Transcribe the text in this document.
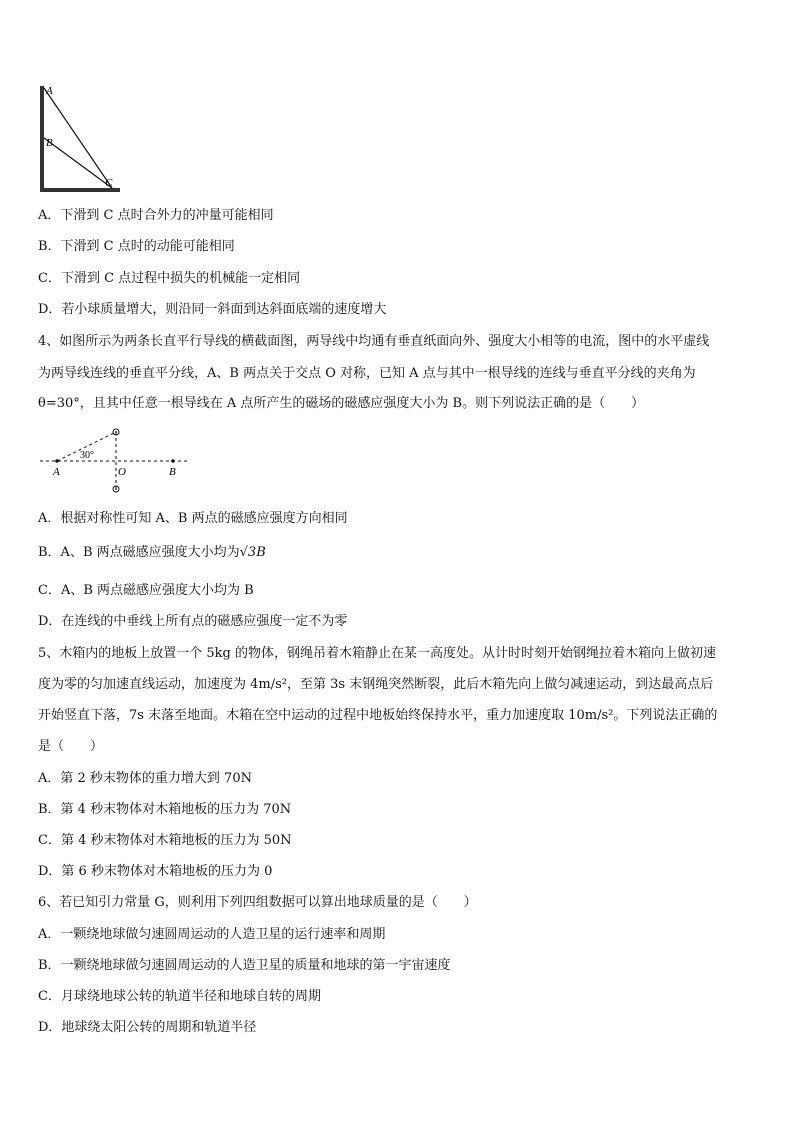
A
B
C
A．下滑到 C 点时合外力的冲量可能相同
B．下滑到 C 点时的动能可能相同
C．下滑到 C 点过程中损失的机械能一定相同
D．若小球质量增大，则沿同一斜面到达斜面底端的速度增大
4、如图所示为两条长直平行导线的横截面图，两导线中均通有垂直纸面向外、强度大小相等的电流，图中的水平虚线
为两导线连线的垂直平分线，A、B 两点关于交点 O 对称，已知 A 点与其中一根导线的连线与垂直平分线的夹角为
θ=30°，且其中任意一根导线在 A 点所产生的磁场的磁感应强度大小为 B。则下列说法正确的是（　　）
30°
A	O	B
A．根据对称性可知 A、B 两点的磁感应强度方向相同
B．A、B 两点磁感应强度大小均为√3B
C．A、B 两点磁感应强度大小均为 B
D．在连线的中垂线上所有点的磁感应强度一定不为零
5、木箱内的地板上放置一个 5kg 的物体，钢绳吊着木箱静止在某一高度处。从计时时刻开始钢绳拉着木箱向上做初速
度为零的匀加速直线运动，加速度为 4m/s²，至第 3s 末钢绳突然断裂，此后木箱先向上做匀减速运动，到达最高点后
开始竖直下落，7s 末落至地面。木箱在空中运动的过程中地板始终保持水平，重力加速度取 10m/s²。下列说法正确的
是（　　）
A．第 2 秒末物体的重力增大到 70N
B．第 4 秒末物体对木箱地板的压力为 70N
C．第 4 秒末物体对木箱地板的压力为 50N
D．第 6 秒末物体对木箱地板的压力为 0
6、若已知引力常量 G，则利用下列四组数据可以算出地球质量的是（　　）
A．一颗绕地球做匀速圆周运动的人造卫星的运行速率和周期
B．一颗绕地球做匀速圆周运动的人造卫星的质量和地球的第一宇宙速度
C．月球绕地球公转的轨道半径和地球自转的周期
D．地球绕太阳公转的周期和轨道半径
